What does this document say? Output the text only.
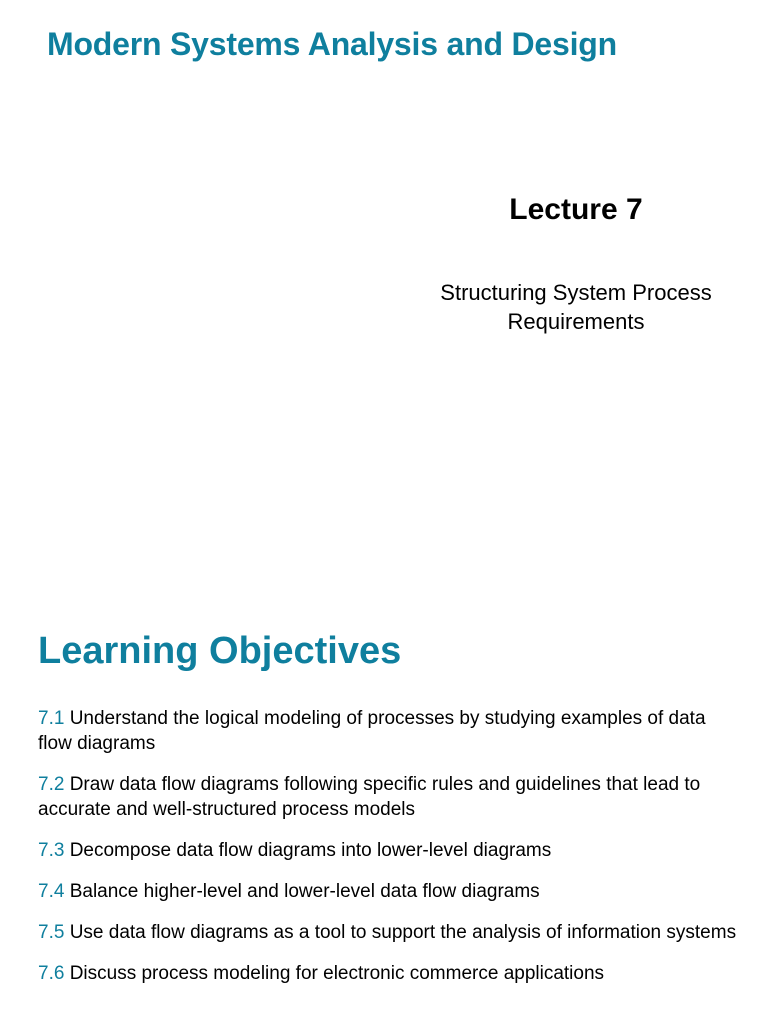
Modern Systems Analysis and Design
Lecture 7
Structuring System Process
Requirements
Learning Objectives
7.1 Understand the logical modeling of processes by studying examples of data flow diagrams
7.2 Draw data flow diagrams following specific rules and guidelines that lead to accurate and well-structured process models
7.3 Decompose data flow diagrams into lower-level diagrams
7.4 Balance higher-level and lower-level data flow diagrams
7.5 Use data flow diagrams as a tool to support the analysis of information systems
7.6 Discuss process modeling for electronic commerce applications
